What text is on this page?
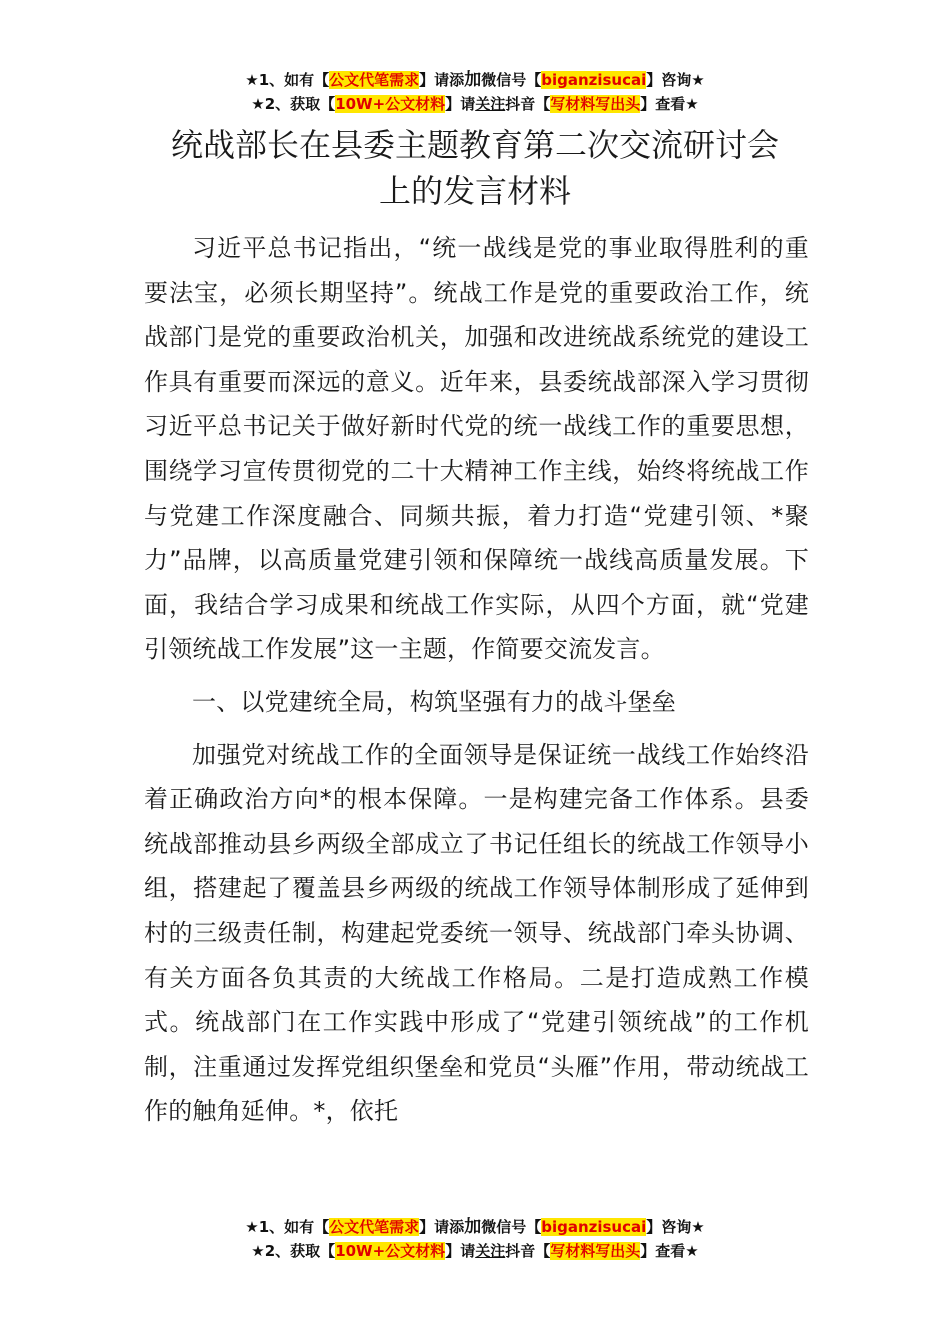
★1、如有【公文代笔需求】请添加微信号【biganzisucai】咨询★
★2、获取【10W+公文材料】请关注抖音【写材料写出头】查看★
统战部长在县委主题教育第二次交流研讨会
上的发言材料

习近平总书记指出，“统一战线是党的事业取得胜利的重要法宝，必须长期坚持”。统战工作是党的重要政治工作，统战部门是党的重要政治机关，加强和改进统战系统党的建设工作具有重要而深远的意义。近年来，县委统战部深入学习贯彻习近平总书记关于做好新时代党的统一战线工作的重要思想，围绕学习宣传贯彻党的二十大精神工作主线，始终将统战工作与党建工作深度融合、同频共振，着力打造“党建引领、*聚力”品牌，以高质量党建引领和保障统一战线高质量发展。下面，我结合学习成果和统战工作实际，从四个方面，就“党建引领统战工作发展”这一主题，作简要交流发言。

一、以党建统全局，构筑坚强有力的战斗堡垒

加强党对统战工作的全面领导是保证统一战线工作始终沿着正确政治方向*的根本保障。一是构建完备工作体系。县委统战部推动县乡两级全部成立了书记任组长的统战工作领导小组，搭建起了覆盖县乡两级的统战工作领导体制形成了延伸到村的三级责任制，构建起党委统一领导、统战部门牵头协调、有关方面各负其责的大统战工作格局。二是打造成熟工作模式。统战部门在工作实践中形成了“党建引领统战”的工作机制，注重通过发挥党组织堡垒和党员“头雁”作用，带动统战工作的触角延伸。*，依托

★1、如有【公文代笔需求】请添加微信号【biganzisucai】咨询★
★2、获取【10W+公文材料】请关注抖音【写材料写出头】查看★
